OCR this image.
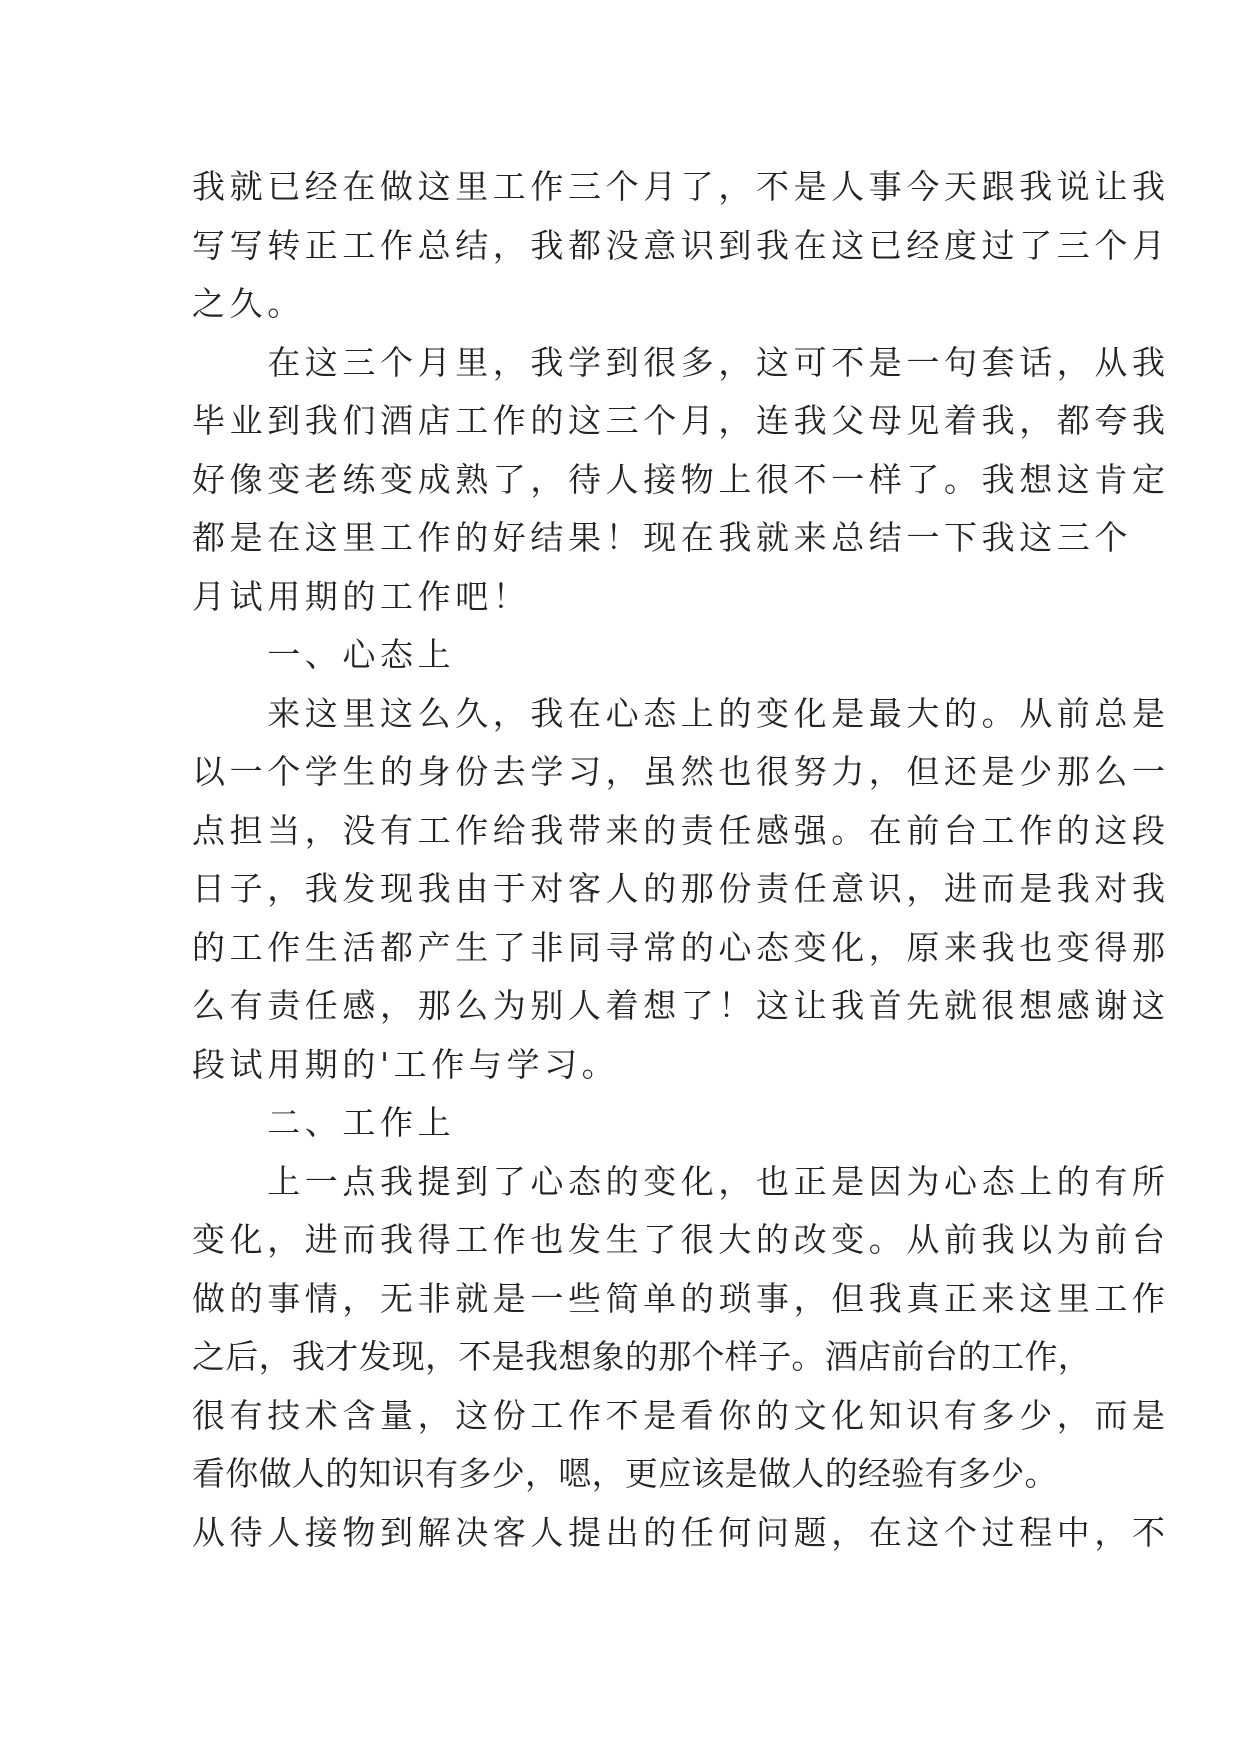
我就已经在做这里工作三个月了，不是人事今天跟我说让我
写写转正工作总结，我都没意识到我在这已经度过了三个月
之久。
　　在这三个月里，我学到很多，这可不是一句套话，从我
毕业到我们酒店工作的这三个月，连我父母见着我，都夸我
好像变老练变成熟了，待人接物上很不一样了。我想这肯定
都是在这里工作的好结果！现在我就来总结一下我这三个
月试用期的工作吧！
　　一、心态上
　　来这里这么久，我在心态上的变化是最大的。从前总是
以一个学生的身份去学习，虽然也很努力，但还是少那么一
点担当，没有工作给我带来的责任感强。在前台工作的这段
日子，我发现我由于对客人的那份责任意识，进而是我对我
的工作生活都产生了非同寻常的心态变化，原来我也变得那
么有责任感，那么为别人着想了！这让我首先就很想感谢这
段试用期的'工作与学习。
　　二、工作上
　　上一点我提到了心态的变化，也正是因为心态上的有所
变化，进而我得工作也发生了很大的改变。从前我以为前台
做的事情，无非就是一些简单的琐事，但我真正来这里工作
之后，我才发现，不是我想象的那个样子。酒店前台的工作，
很有技术含量，这份工作不是看你的文化知识有多少，而是
看你做人的知识有多少，嗯，更应该是做人的经验有多少。
从待人接物到解决客人提出的任何问题，在这个过程中，不
